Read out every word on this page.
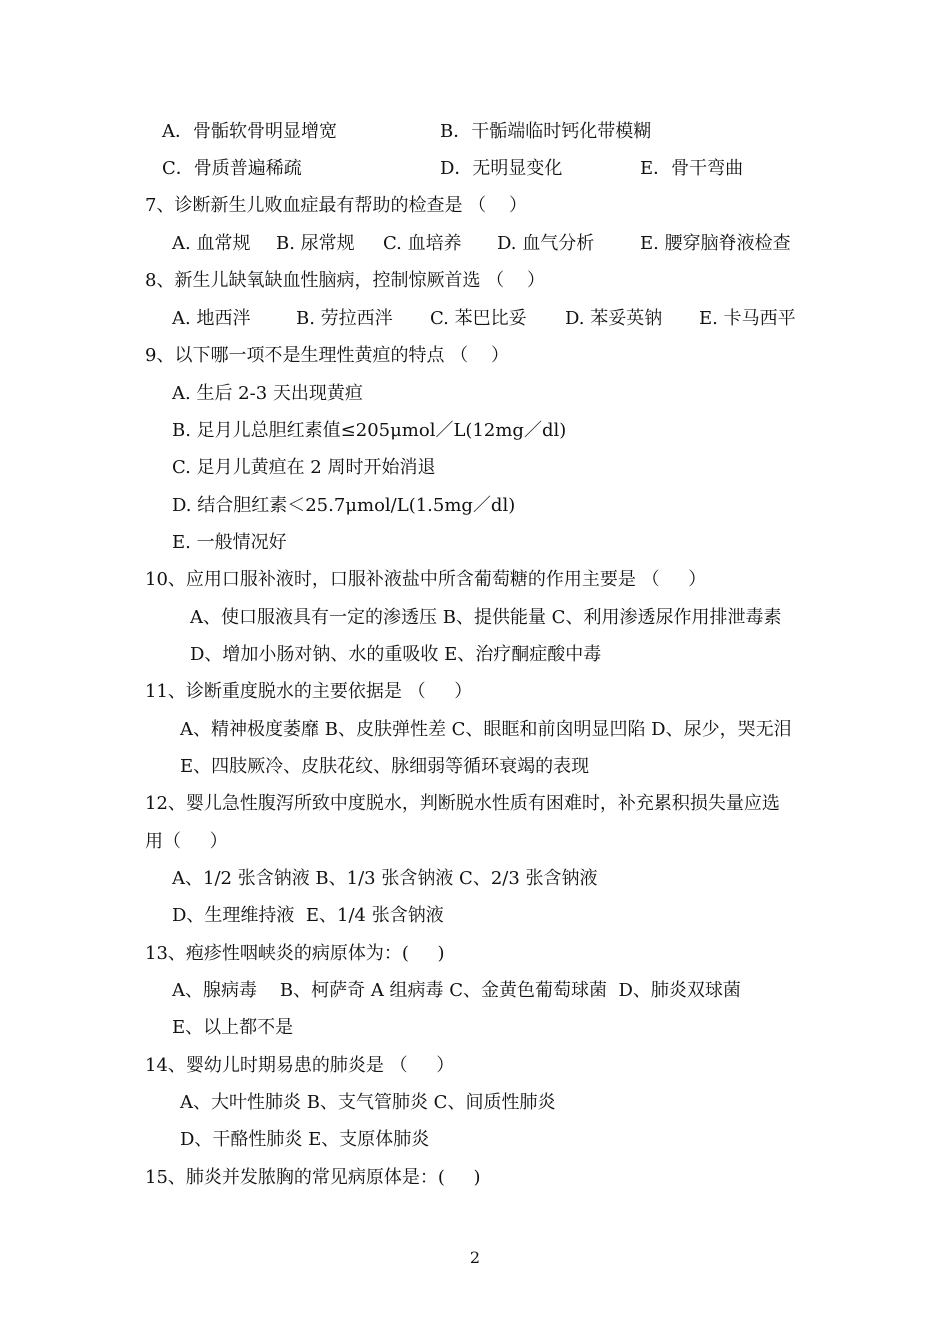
A．骨骺软骨明显增宽	B．干骺端临时钙化带模糊
C．骨质普遍稀疏	D．无明显变化	E．骨干弯曲
7、诊断新生儿败血症最有帮助的检查是 （    ）
A. 血常规 B. 尿常规 C. 血培养 D. 血气分析	E. 腰穿脑脊液检查
8、新生儿缺氧缺血性脑病，控制惊厥首选 （    ）
A. 地西泮	B. 劳拉西泮 C. 苯巴比妥 D. 苯妥英钠 E. 卡马西平
9、以下哪一项不是生理性黄疸的特点 （    ）
A. 生后 2-3 天出现黄疸
B. 足月儿总胆红素值≤205μmol／L(12mg／dl)
C. 足月儿黄疸在 2 周时开始消退
D. 结合胆红素＜25.7μmol/L(1.5mg／dl)
E. 一般情况好
10、应用口服补液时，口服补液盐中所含葡萄糖的作用主要是 （     ）
A、使口服液具有一定的渗透压 B、提供能量 C、利用渗透尿作用排泄毒素
D、增加小肠对钠、水的重吸收 E、治疗酮症酸中毒
11、诊断重度脱水的主要依据是 （     ）
A、精神极度萎靡 B、皮肤弹性差 C、眼眶和前囟明显凹陷 D、尿少，哭无泪
E、四肢厥冷、皮肤花纹、脉细弱等循环衰竭的表现
12、婴儿急性腹泻所致中度脱水，判断脱水性质有困难时，补充累积损失量应选
用（     ）
A、1/2 张含钠液 B、1/3 张含钠液 C、2/3 张含钠液
D、生理维持液  E、1/4 张含钠液
13、疱疹性咽峡炎的病原体为：(     )
A、腺病毒    B、柯萨奇 A 组病毒 C、金黄色葡萄球菌  D、肺炎双球菌
E、以上都不是
14、婴幼儿时期易患的肺炎是 （     ）
A、大叶性肺炎 B、支气管肺炎 C、间质性肺炎
D、干酪性肺炎 E、支原体肺炎
15、肺炎并发脓胸的常见病原体是：(     )
2
